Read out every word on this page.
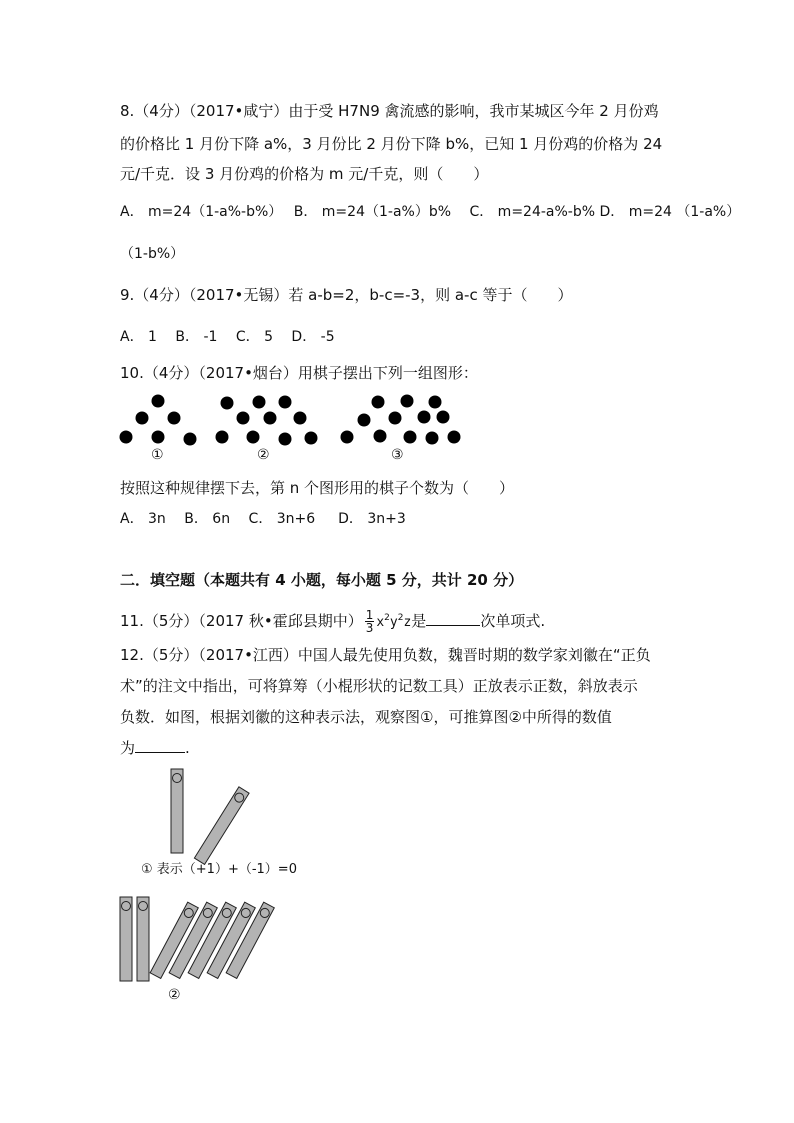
8.（4分）（2017•咸宁）由于受 H7N9 禽流感的影响，我市某城区今年 2 月份鸡
的价格比 1 月份下降 a%，3 月份比 2 月份下降 b%，已知 1 月份鸡的价格为 24
元/千克．设 3 月份鸡的价格为 m 元/千克，则（　　）
A． m=24（1-a%-b%）　 B． m=24（1-a%）b%　 C． m=24-a%-b% D． m=24 （1-a%）
（1-b%）
9.（4分）（2017•无锡）若 a-b=2，b-c=-3，则 a-c 等于（　　）
A． 1　 B． -1　 C． 5　 D． -5
10.（4分）（2017•烟台）用棋子摆出下列一组图形：
①	②	③
按照这种规律摆下去，第 n 个图形用的棋子个数为（　　）
A． 3n　 B． 6n　 C． 3n+6　  D． 3n+3
二．填空题（本题共有 4 小题，每小题 5 分，共计 20 分）
11.（5分）（2017 秋•霍邱县期中） $\frac{1}{3} x^2y^2z$是	次单项式.
12.（5分）（2017•江西）中国人最先使用负数，魏晋时期的数学家刘徽在“正负
术”的注文中指出，可将算筹（小棍形状的记数工具）正放表示正数，斜放表示
负数．如图，根据刘徽的这种表示法，观察图①，可推算图②中所得的数值
为	.
① 表示（+1）+（-1）=0
②
